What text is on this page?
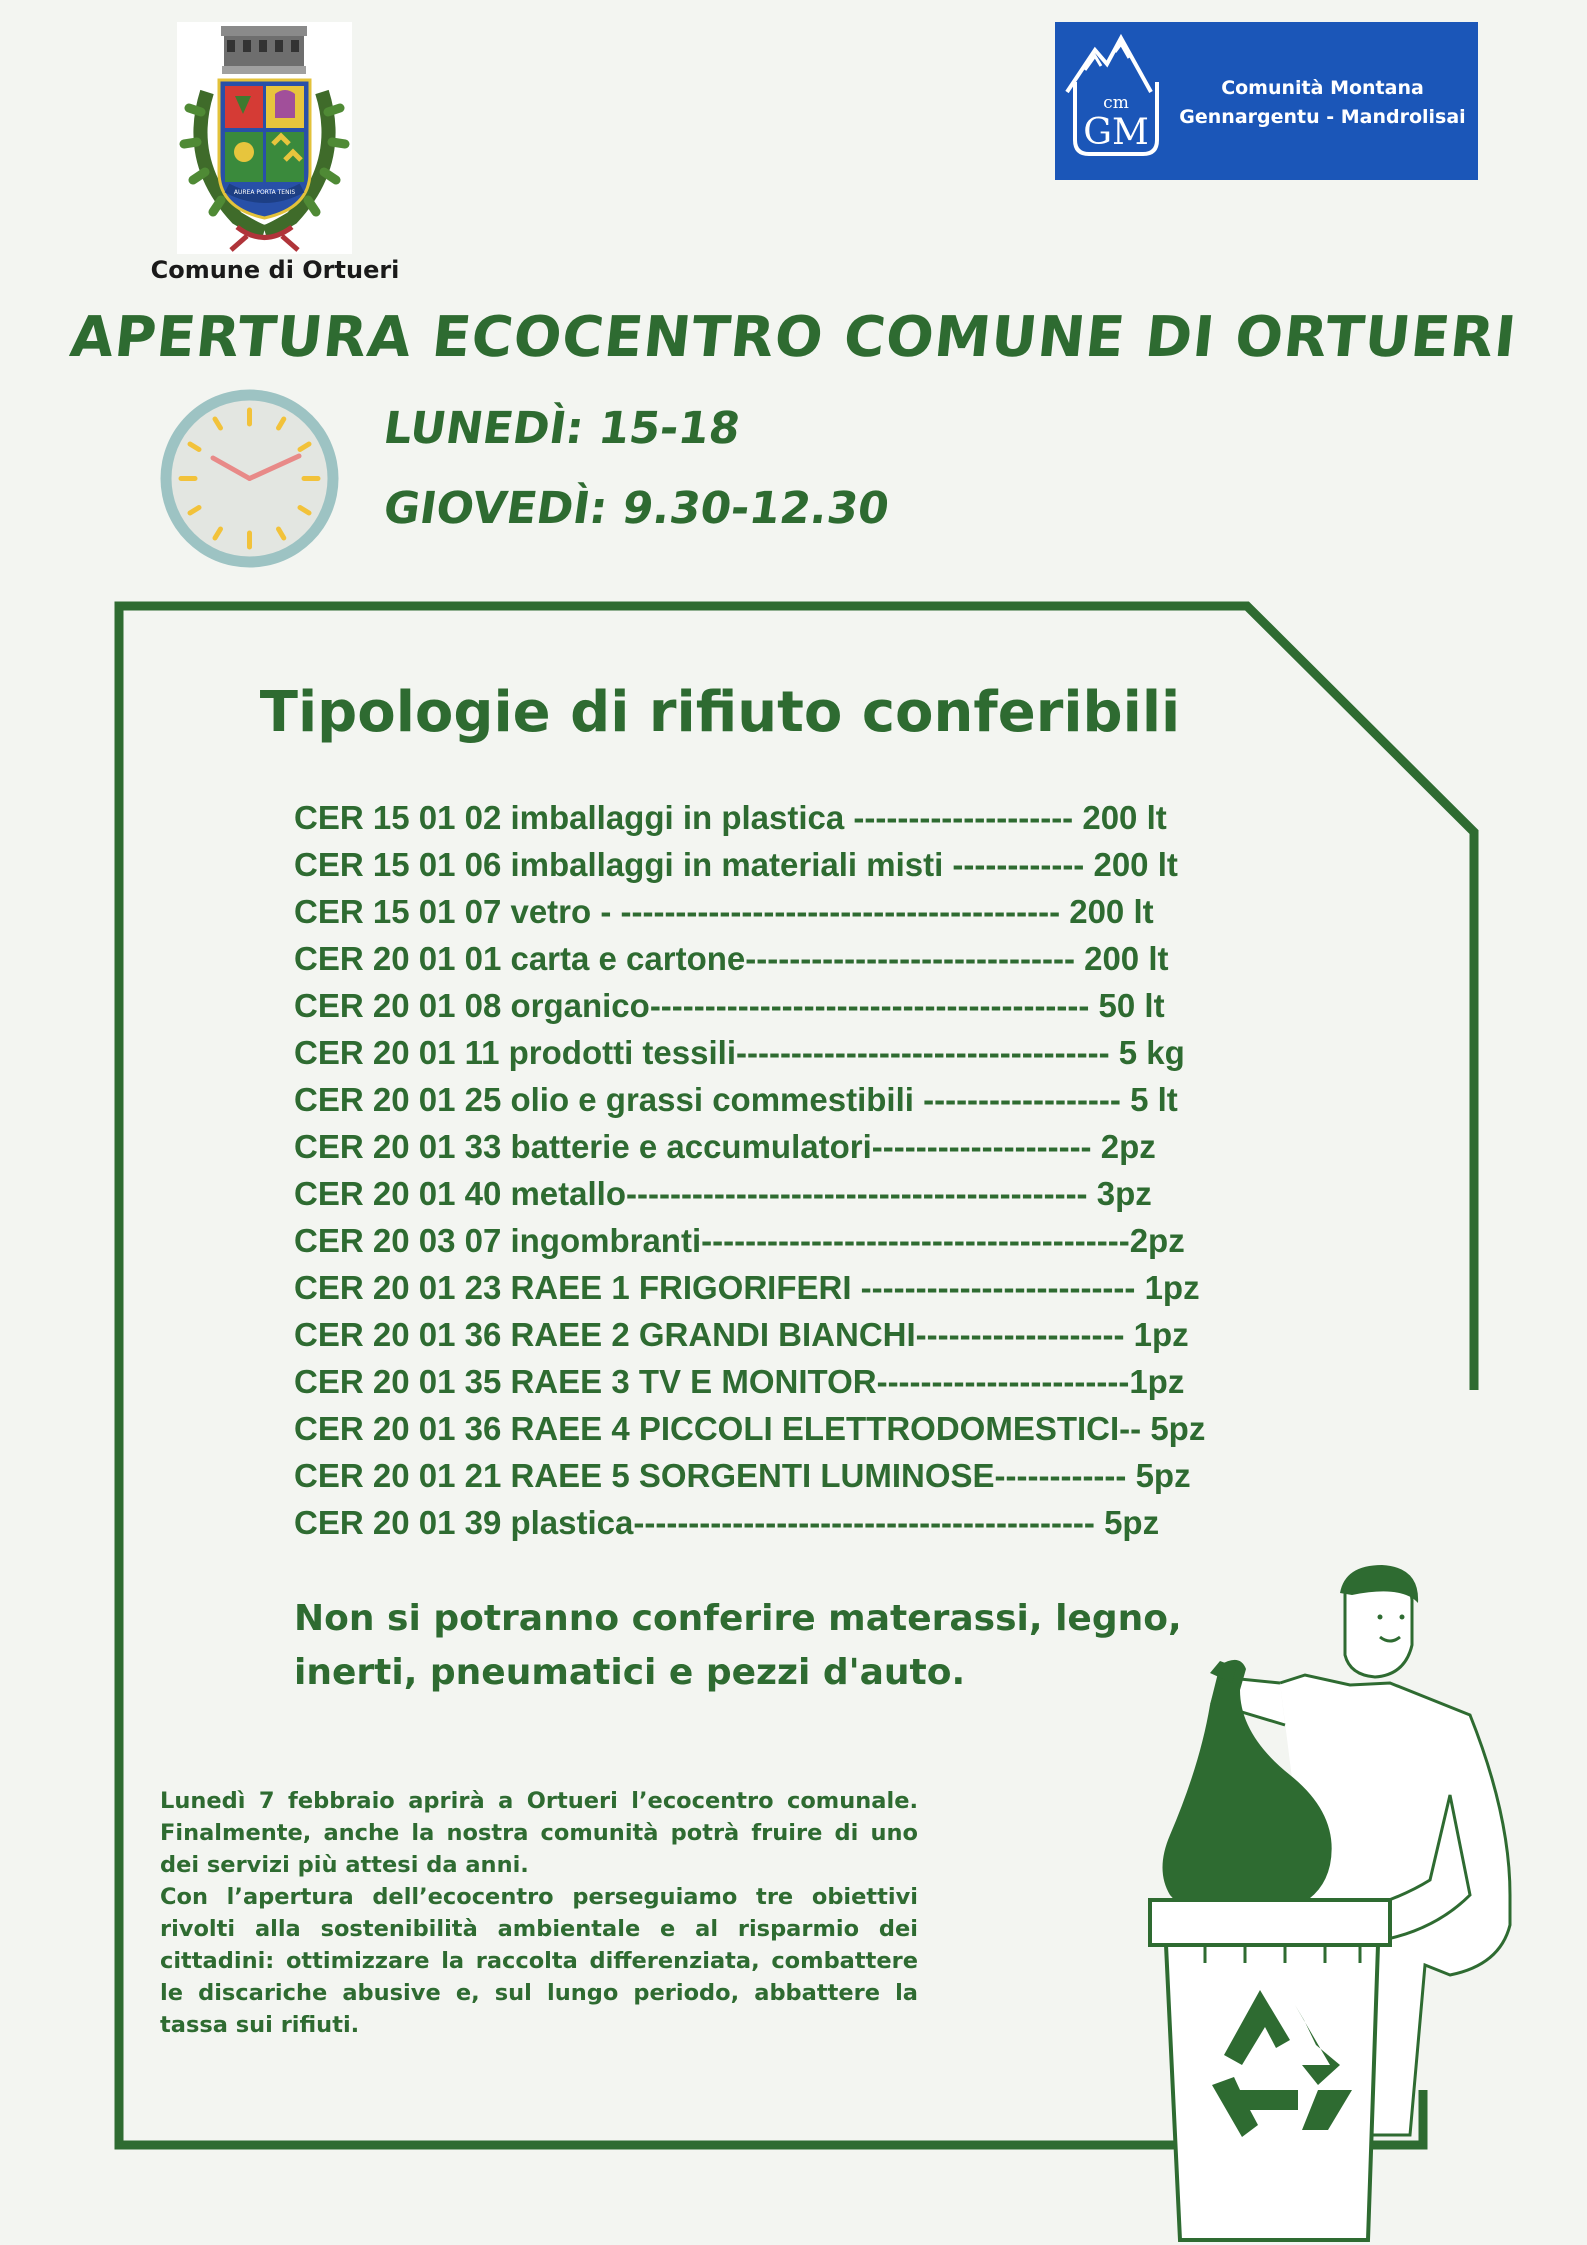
AUREA PORTA TENIS
Comune di Ortueri
cm
GM
Comunità Montana
Gennargentu - Mandrolisai
APERTURA ECOCENTRO COMUNE DI ORTUERI
LUNEDÌ: 15-18
GIOVEDÌ: 9.30-12.30
Tipologie di rifiuto conferibili
CER 15 01 02 imballaggi in plastica -------------------- 200 lt
CER 15 01 06 imballaggi in materiali misti ------------ 200 lt
CER 15 01 07 vetro - ---------------------------------------- 200 lt
CER 20 01 01 carta e cartone------------------------------ 200 lt
CER 20 01 08 organico---------------------------------------- 50 lt
CER 20 01 11 prodotti tessili---------------------------------- 5 kg
CER 20 01 25 olio e grassi commestibili ------------------ 5 lt
CER 20 01 33 batterie e accumulatori-------------------- 2pz
CER 20 01 40 metallo------------------------------------------ 3pz
CER 20 03 07 ingombranti---------------------------------------2pz
CER 20 01 23 RAEE 1 FRIGORIFERI ------------------------- 1pz
CER 20 01 36 RAEE 2 GRANDI BIANCHI------------------- 1pz
CER 20 01 35 RAEE 3 TV E MONITOR-----------------------1pz
CER 20 01 36 RAEE 4 PICCOLI ELETTRODOMESTICI-- 5pz
CER 20 01 21 RAEE 5 SORGENTI LUMINOSE------------ 5pz
CER 20 01 39 plastica------------------------------------------ 5pz
Non si potranno conferire materassi, legno, inerti, pneumatici e pezzi d'auto.

Lunedì 7 febbraio aprirà a Ortueri l’ecocentro comunale. Finalmente, anche la nostra comunità potrà fruire di uno dei servizi più attesi da anni.

Con l’apertura dell’ecocentro perseguiamo tre obiettivi rivolti alla sostenibilità ambientale e al risparmio dei cittadini: ottimizzare la raccolta differenziata, combattere le discariche abusive e, sul lungo periodo, abbattere la tassa sui rifiuti.
